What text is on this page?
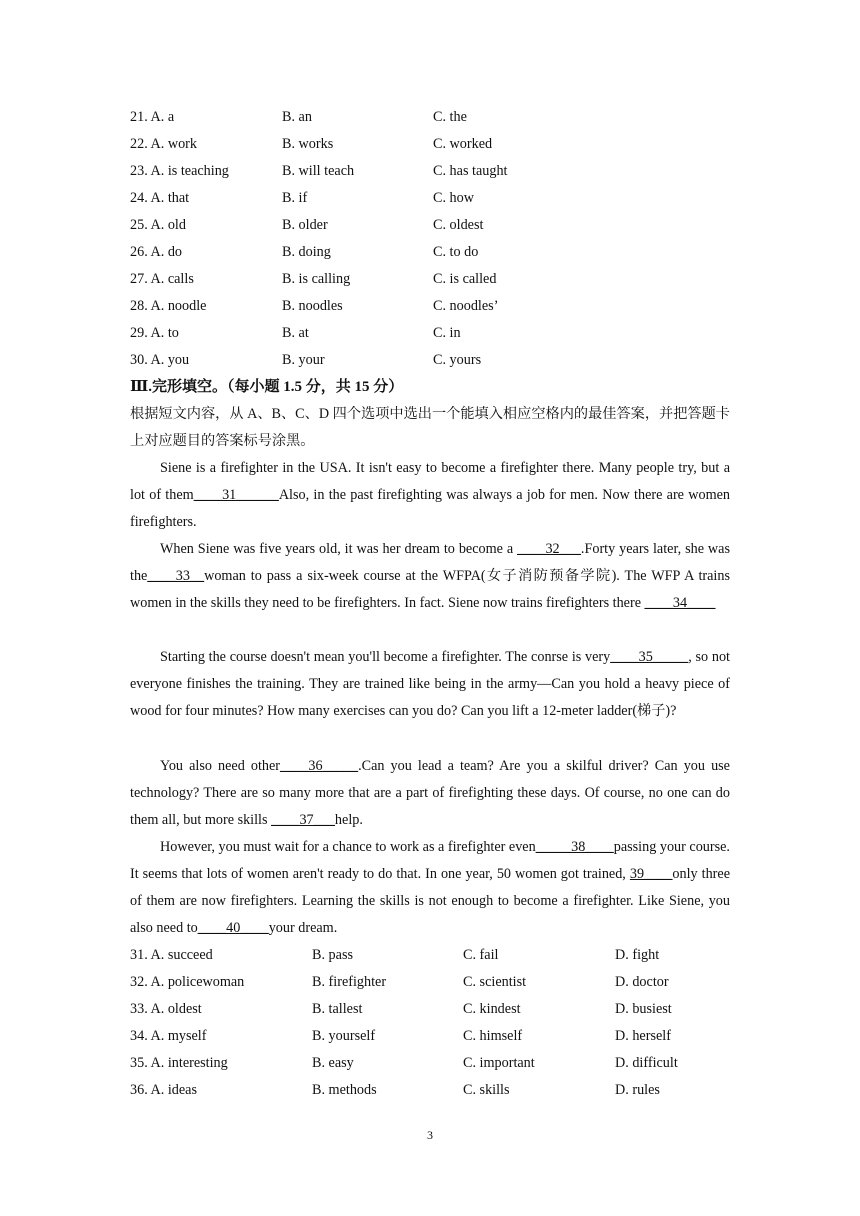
21. A. a	B. an	C. the
22. A. work	B. works	C. worked
23. A. is teaching	B. will teach	C. has taught
24. A. that	B. if	C. how
25. A. old	B. older	C. oldest
26. A. do	B. doing	C. to do
27. A. calls	B. is calling	C. is called
28. A. noodle	B. noodles	C. noodles’
29. A. to	B. at	C. in
30. A. you	B. your	C. yours
Ⅲ.完形填空。（每小题 1.5 分，共 15 分）
根据短文内容，从 A、B、C、D 四个选项中选出一个能填入相应空格内的最佳答案，并把答题卡上对应题目的答案标号涂黑。
Siene is a firefighter in the USA. It isn't easy to become a firefighter there. Many people try, but a lot of them____31______Also, in the past firefighting was always a job for men. Now there are women firefighters.
When Siene was five years old, it was her dream to become a ____32___.Forty years later, she was the____33__woman to pass a six-week course at the WFPA(女子消防预备学院). The WFP A trains women in the skills they need to be firefighters. In fact. Siene now trains firefighters there ____34____
Starting the course doesn't mean you'll become a firefighter. The conrse is very____35_____, so not everyone finishes the training. They are trained like being in the army—Can you hold a heavy piece of wood for four minutes? How many exercises can you do? Can you lift a 12-meter ladder(梯子)?
You also need other____36_____.Can you lead a team? Are you a skilful driver? Can you use technology? There are so many more that are a part of firefighting these days. Of course, no one can do them all, but more skills ____37___help.
However, you must wait for a chance to work as a firefighter even_____38____passing your course. It seems that lots of women aren't ready to do that. In one year, 50 women got trained, 39____only three of them are now firefighters. Learning the skills is not enough to become a firefighter. Like Siene, you also need to____40____your dream.
31. A. succeed	B. pass	C. fail	D. fight
32. A. policewoman	B. firefighter	C. scientist	D. doctor
33. A. oldest	B. tallest	C. kindest	D. busiest
34. A. myself	B. yourself	C. himself	D. herself
35. A. interesting	B. easy	C. important	D. difficult
36. A. ideas	B. methods	C. skills	D. rules
3
